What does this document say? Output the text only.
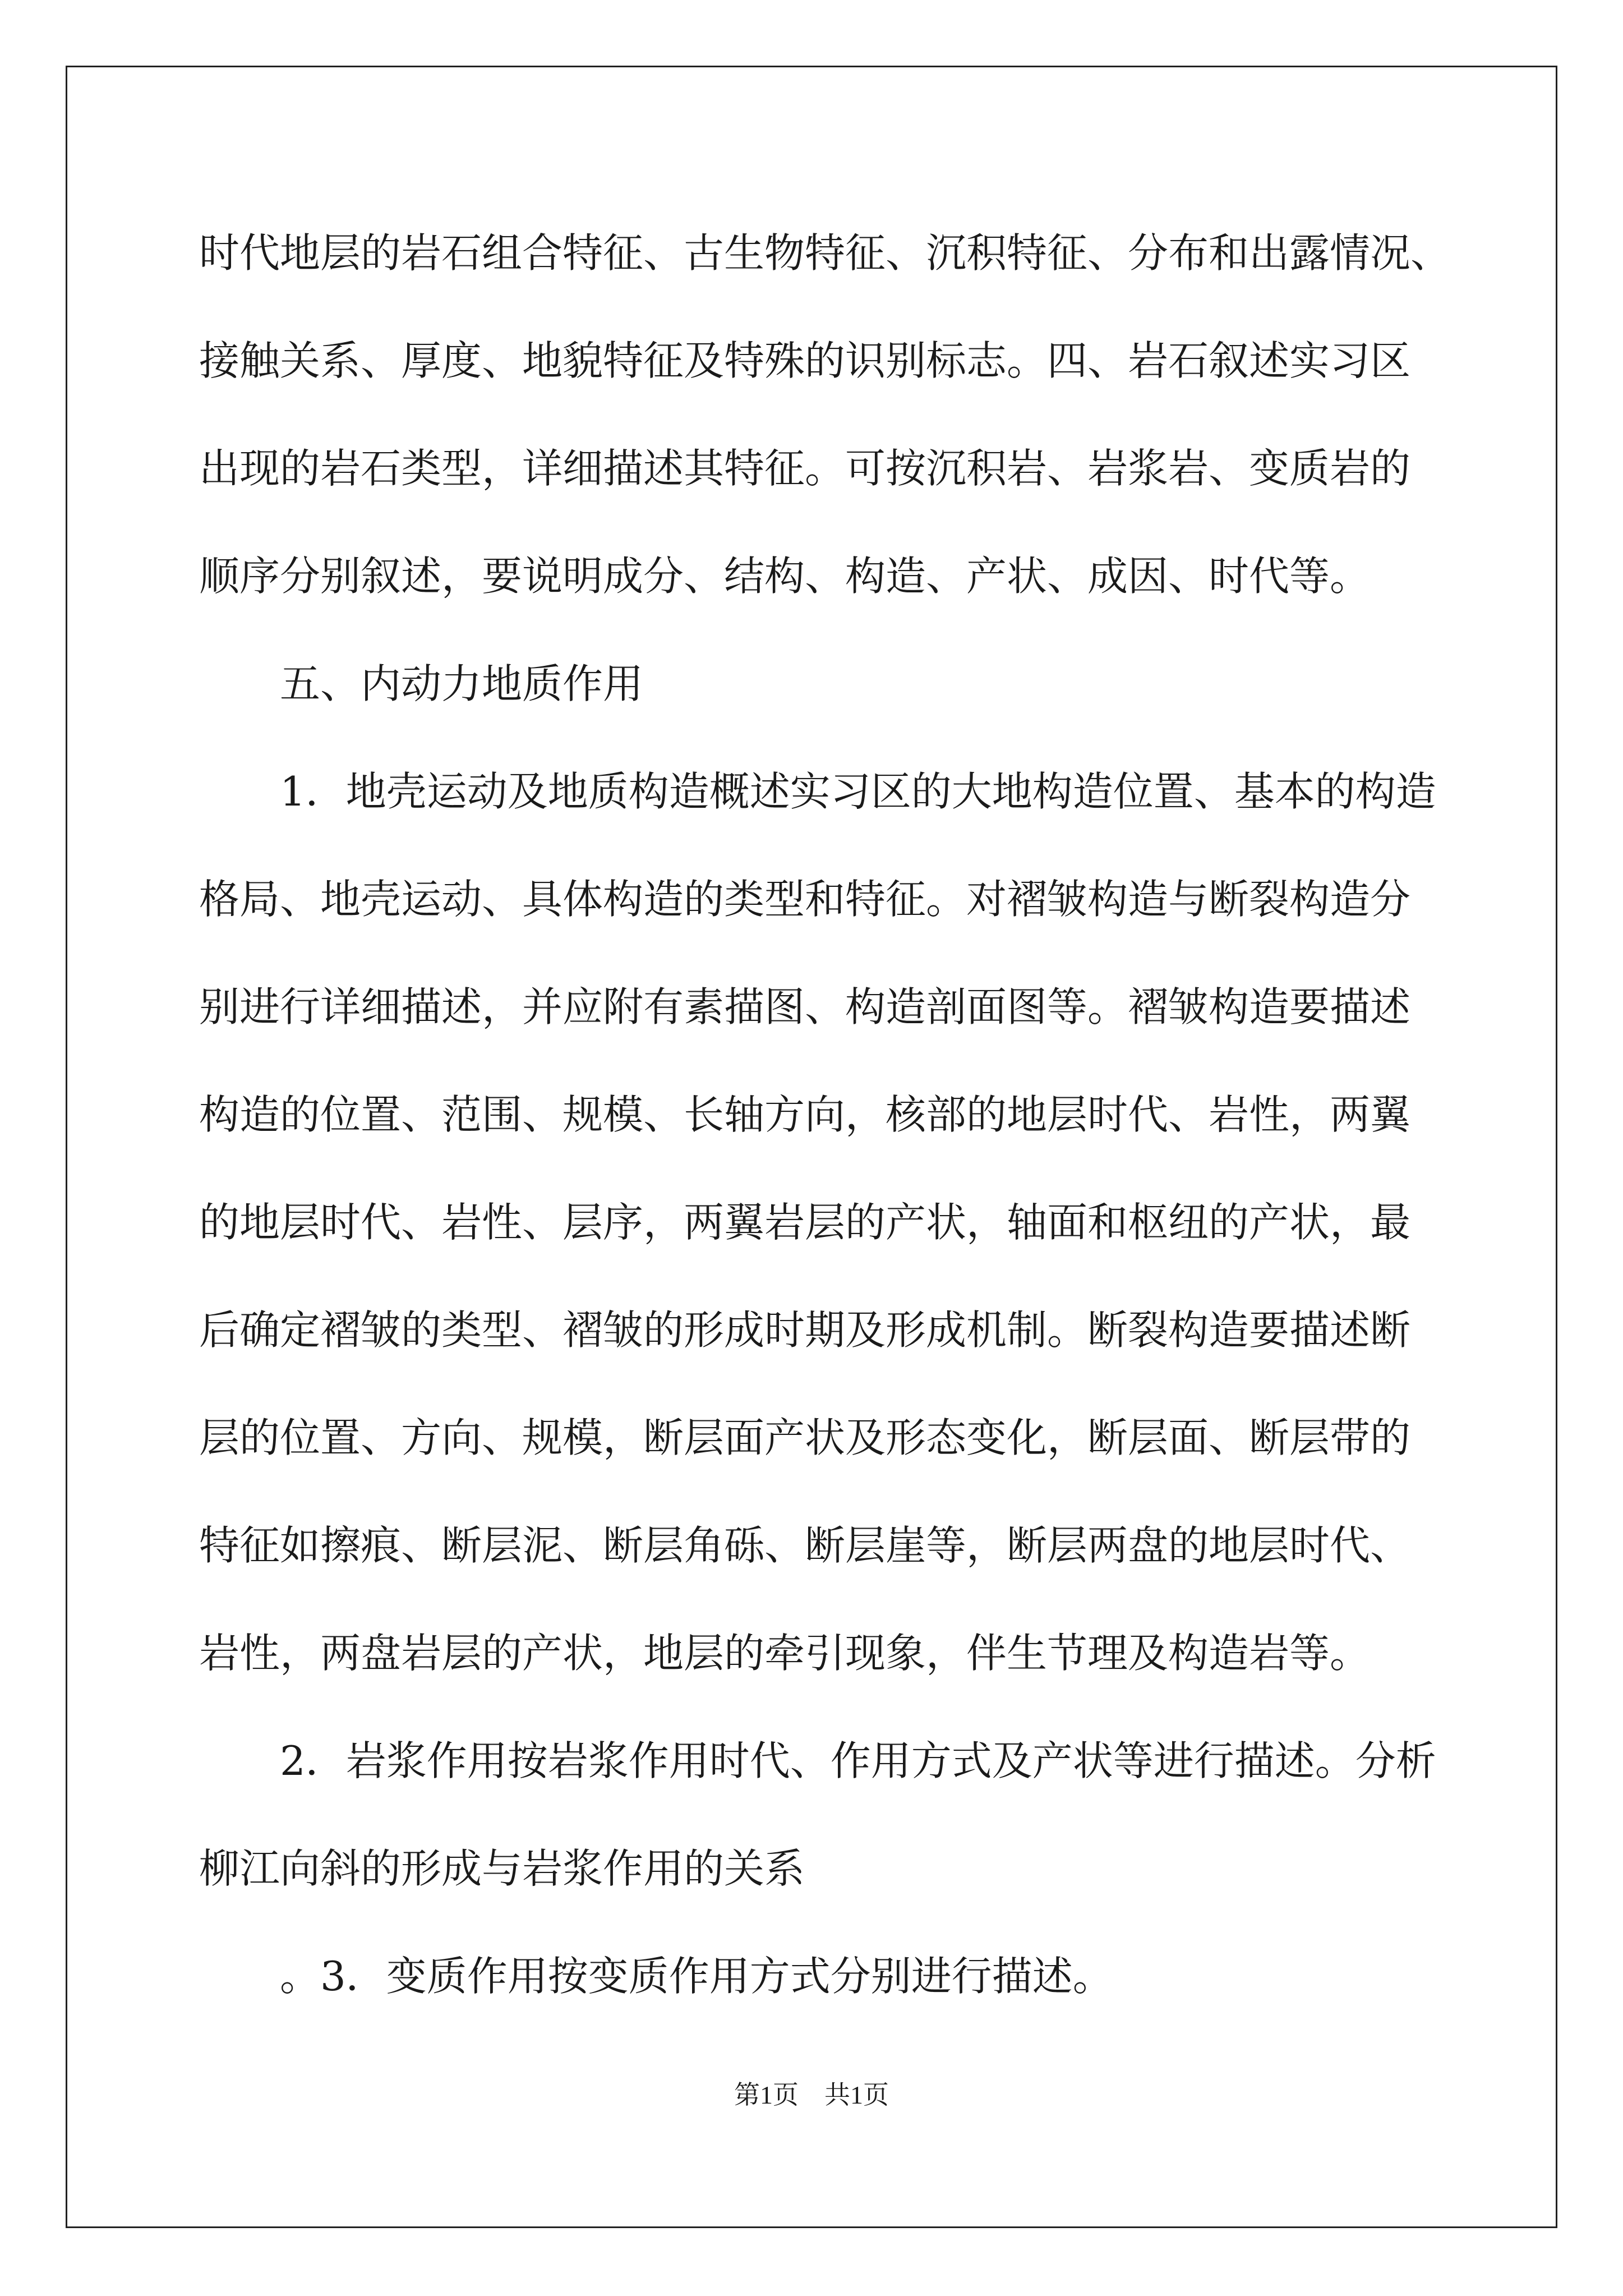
时代地层的岩石组合特征、古生物特征、沉积特征、分布和出露情况、
接触关系、厚度、地貌特征及特殊的识别标志。四、岩石叙述实习区
出现的岩石类型，详细描述其特征。可按沉积岩、岩浆岩、变质岩的
顺序分别叙述，要说明成分、结构、构造、产状、成因、时代等。
　　五、内动力地质作用
　　1．地壳运动及地质构造概述实习区的大地构造位置、基本的构造
格局、地壳运动、具体构造的类型和特征。对褶皱构造与断裂构造分
别进行详细描述，并应附有素描图、构造剖面图等。褶皱构造要描述
构造的位置、范围、规模、长轴方向，核部的地层时代、岩性，两翼
的地层时代、岩性、层序，两翼岩层的产状，轴面和枢纽的产状，最
后确定褶皱的类型、褶皱的形成时期及形成机制。断裂构造要描述断
层的位置、方向、规模，断层面产状及形态变化，断层面、断层带的
特征如擦痕、断层泥、断层角砾、断层崖等，断层两盘的地层时代、
岩性，两盘岩层的产状，地层的牵引现象，伴生节理及构造岩等。
　　2．岩浆作用按岩浆作用时代、作用方式及产状等进行描述。分析
柳江向斜的形成与岩浆作用的关系
　　。3．变质作用按变质作用方式分别进行描述。
第1页　共1页
